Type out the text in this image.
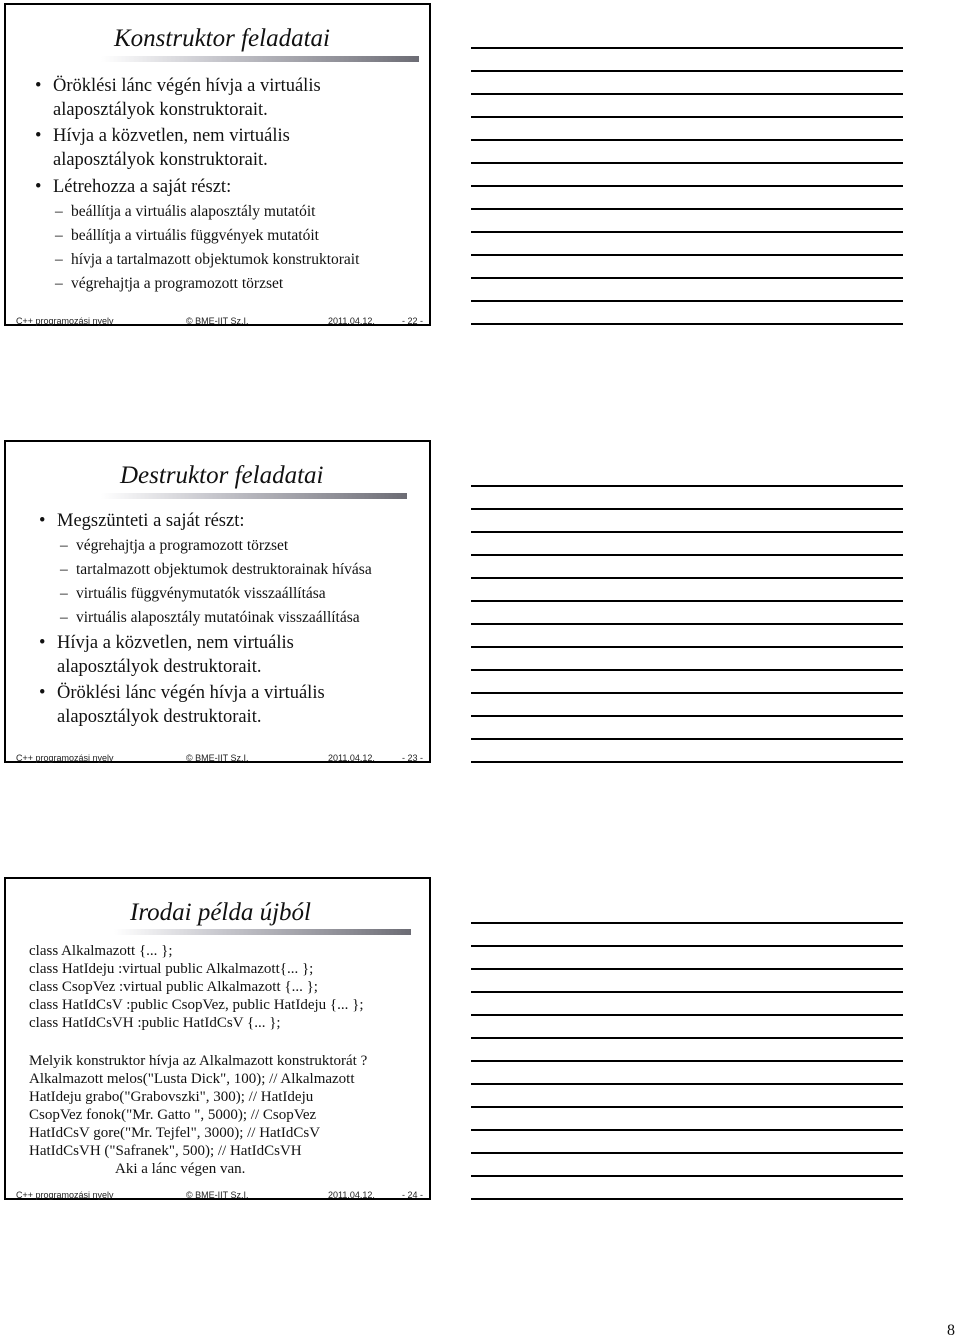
Konstruktor feladatai
• Öröklési lánc végén hívja a virtuális
alaposztályok konstruktorait.
• Hívja a közvetlen, nem virtuális
alaposztályok konstruktorait.
• Létrehozza a saját részt:
– beállítja a virtuális alaposztály mutatóit
– beállítja a virtuális függvények mutatóit
– hívja a tartalmazott objektumok konstruktorait
– végrehajtja a programozott törzset
C++ programozási nyelv	© BME-IIT Sz.I.	2011.04.12.	- 22 -
Destruktor feladatai
• Megszünteti a saját részt:
– végrehajtja a programozott törzset
– tartalmazott objektumok destruktorainak hívása
– virtuális függvénymutatók visszaállítása
– virtuális alaposztály mutatóinak visszaállítása
• Hívja a közvetlen, nem virtuális
alaposztályok destruktorait.
• Öröklési lánc végén hívja a virtuális
alaposztályok destruktorait.
C++ programozási nyelv	© BME-IIT Sz.I.	2011.04.12.	- 23 -
Irodai példa újból
class Alkalmazott {... };
class HatIdeju :virtual public Alkalmazott{... };
class CsopVez :virtual public Alkalmazott {... };
class HatIdCsV :public CsopVez, public HatIdeju {... };
class HatIdCsVH :public HatIdCsV {... };
Melyik konstruktor hívja az Alkalmazott konstruktorát ?
Alkalmazott melos("Lusta Dick", 100); // Alkalmazott
HatIdeju grabo("Grabovszki", 300); // HatIdeju
CsopVez fonok("Mr. Gatto ", 5000); // CsopVez
HatIdCsV gore("Mr. Tejfel", 3000); // HatIdCsV
HatIdCsVH ("Safranek", 500); // HatIdCsVH
Aki a lánc végen van.
C++ programozási nyelv	© BME-IIT Sz.I.	2011.04.12.	- 24 -
8
